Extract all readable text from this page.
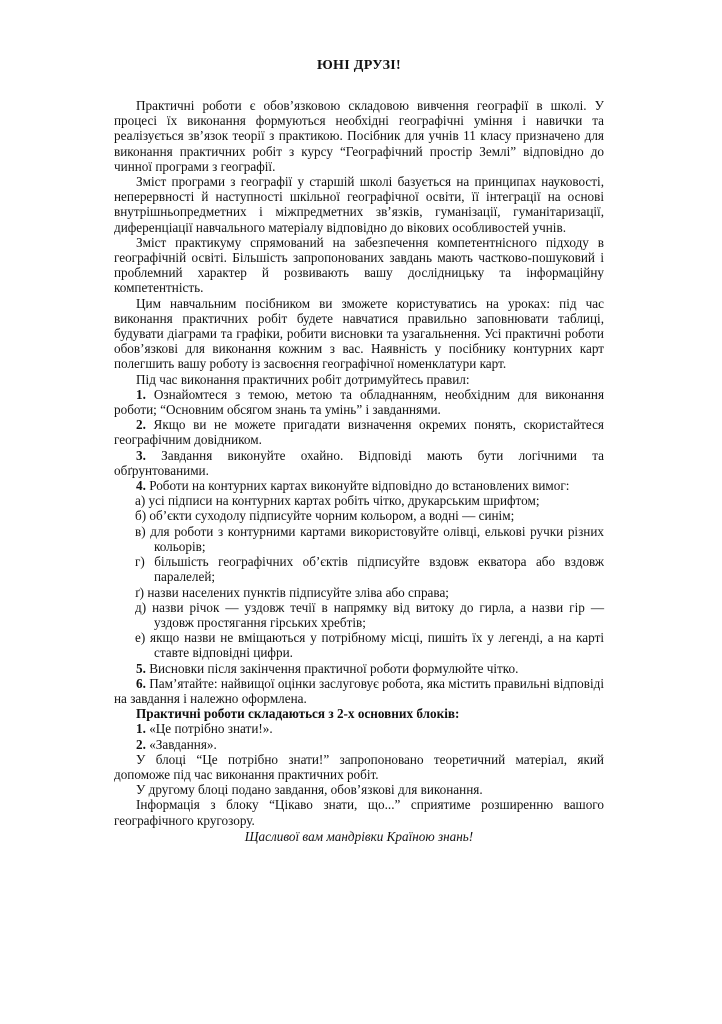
ЮНІ ДРУЗІ!

Практичні роботи є обов’язковою складовою вивчення географії в школі. У процесі їх виконання формуються необхідні географічні уміння і навички та реалізується зв’язок теорії з практикою. Посібник для учнів 11 класу призначено для виконання практичних робіт з курсу “Географічний простір Землі” відповідно до чинної програми з географії.

Зміст програми з географії у старшій школі базується на принципах науковості, неперервності й наступності шкільної географічної освіти, її інтеграції на основі внутрішньопредметних і міжпредметних зв’язків, гуманізації, гуманітаризації, диференціації навчального матеріалу відповідно до вікових особливостей учнів.

Зміст практикуму спрямований на забезпечення компетентнісного підходу в географічній освіті. Більшість запропонованих завдань мають частково-пошуковий і проблемний характер й розвивають вашу дослідницьку та інформаційну компетентність.

Цим навчальним посібником ви зможете користуватись на уроках: під час виконання практичних робіт будете навчатися правильно заповнювати таблиці, будувати діаграми та графіки, робити висновки та узагальнення. Усі практичні роботи обов’язкові для виконання кожним з вас. Наявність у посібнику контурних карт полегшить вашу роботу із засвоєння географічної номенклатури карт.

Під час виконання практичних робіт дотримуйтесь правил:

1. Ознайомтеся з темою, метою та обладнанням, необхідним для виконання роботи; “Основним обсягом знань та умінь” і завданнями.

2. Якщо ви не можете пригадати визначення окремих понять, скористайтеся географічним довідником.

3. Завдання виконуйте охайно. Відповіді мають бути логічними та обґрунтованими.

4. Роботи на контурних картах виконуйте відповідно до встановлених вимог:

а) усі підписи на контурних картах робіть чітко, друкарським шрифтом;

б) об’єкти суходолу підписуйте чорним кольором, а водні — синім;

в) для роботи з контурними картами використовуйте олівці, елькові ручки різних кольорів;

г) більшість географічних об’єктів підписуйте вздовж екватора або вздовж паралелей;

ґ) назви населених пунктів підписуйте зліва або справа;

д) назви річок — уздовж течії в напрямку від витоку до гирла, а назви гір — уздовж простягання гірських хребтів;

е) якщо назви не вміщаються у потрібному місці, пишіть їх у легенді, а на карті ставте відповідні цифри.

5. Висновки після закінчення практичної роботи формулюйте чітко.

6. Пам’ятайте: найвищої оцінки заслуговує робота, яка містить правильні відповіді на завдання і належно оформлена.

Практичні роботи складаються з 2-х основних блоків:

1. «Це потрібно знати!».

2. «Завдання».

У блоці “Це потрібно знати!” запропоновано теоретичний матеріал, який допоможе під час виконання практичних робіт.

У другому блоці подано завдання, обов’язкові для виконання.

Інформація з блоку “Цікаво знати, що...” сприятиме розширенню вашого географічного кругозору.

Щасливої вам мандрівки Країною знань!
